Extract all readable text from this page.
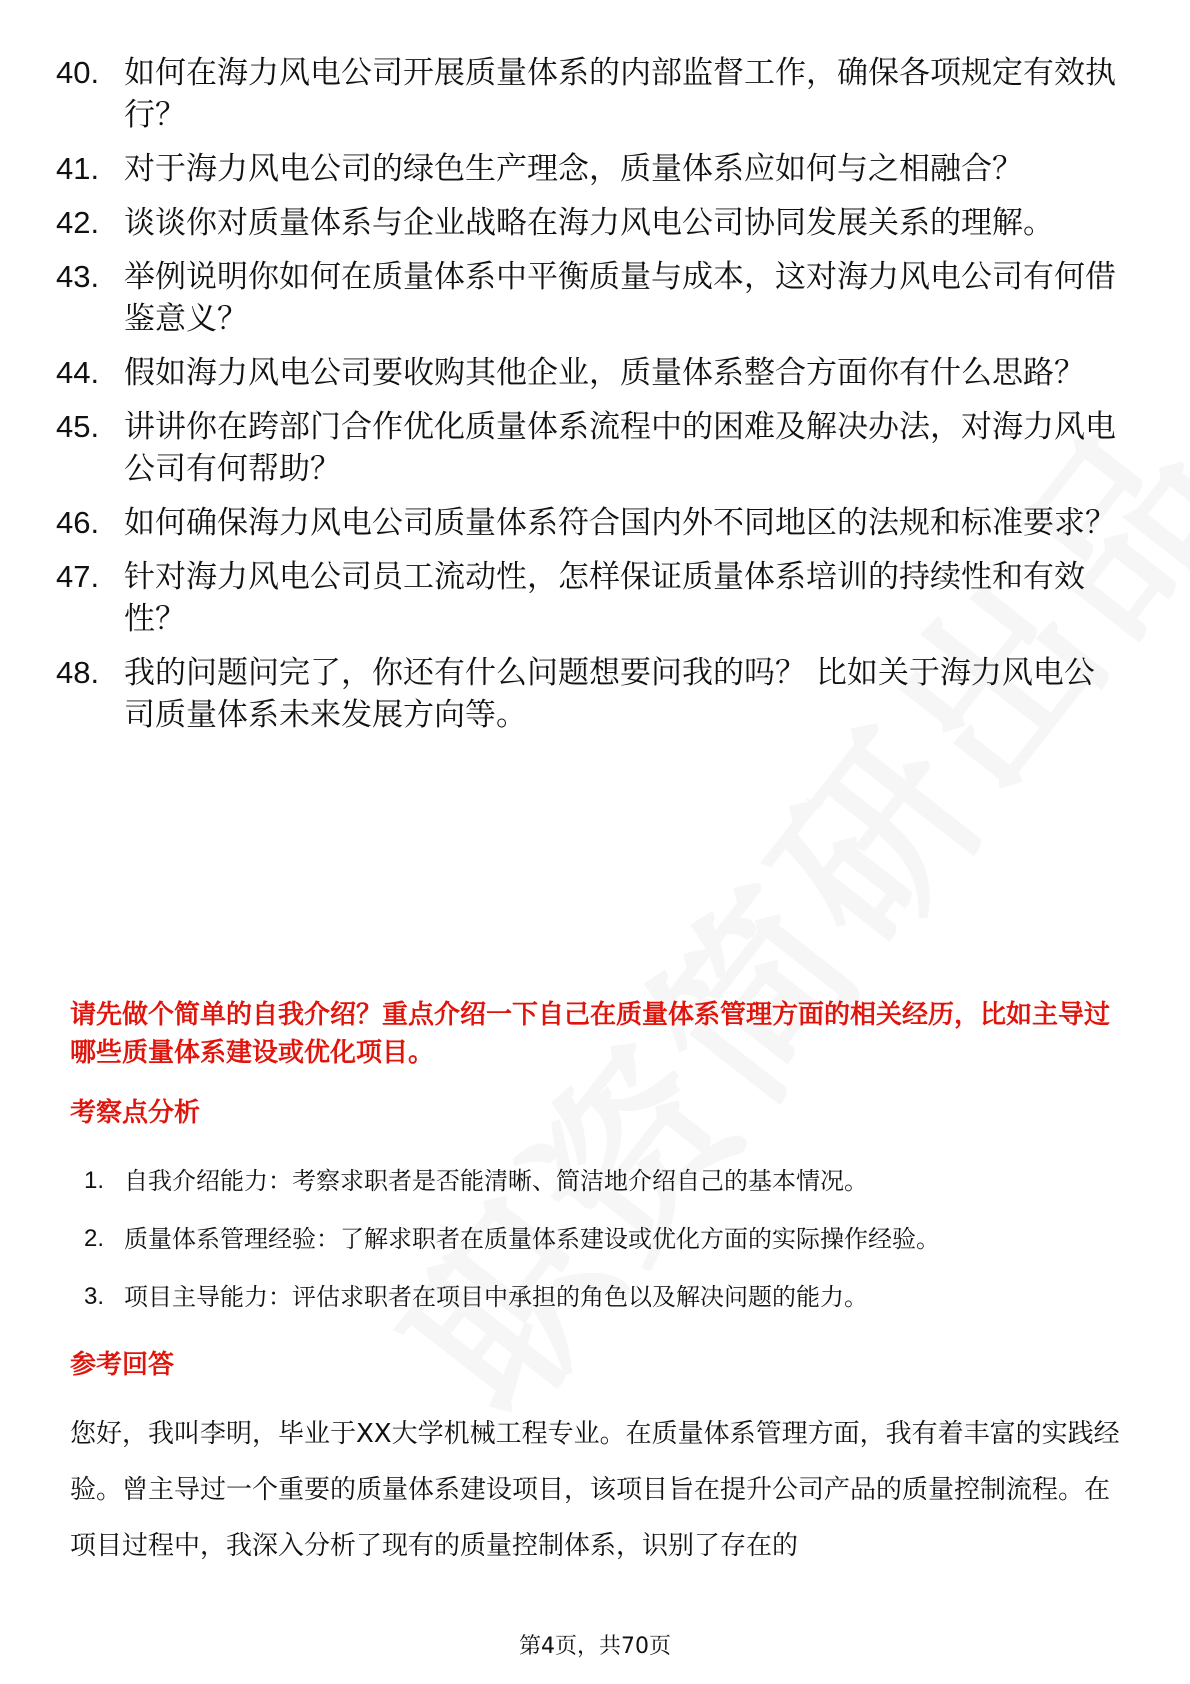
40. 如何在海力风电公司开展质量体系的内部监督工作，确保各项规定有效执行？
41. 对于海力风电公司的绿色生产理念，质量体系应如何与之相融合？
42. 谈谈你对质量体系与企业战略在海力风电公司协同发展关系的理解。
43. 举例说明你如何在质量体系中平衡质量与成本，这对海力风电公司有何借鉴意义？
44. 假如海力风电公司要收购其他企业，质量体系整合方面你有什么思路？
45. 讲讲你在跨部门合作优化质量体系流程中的困难及解决办法，对海力风电公司有何帮助？
46. 如何确保海力风电公司质量体系符合国内外不同地区的法规和标准要求？
47. 针对海力风电公司员工流动性，怎样保证质量体系培训的持续性和有效性？
48. 我的问题问完了，你还有什么问题想要问我的吗？ 比如关于海力风电公司质量体系未来发展方向等。
请先做个简单的自我介绍？重点介绍一下自己在质量体系管理方面的相关经历，比如主导过哪些质量体系建设或优化项目。
考察点分析
1. 自我介绍能力：考察求职者是否能清晰、简洁地介绍自己的基本情况。
2. 质量体系管理经验：了解求职者在质量体系建设或优化方面的实际操作经验。
3. 项目主导能力：评估求职者在项目中承担的角色以及解决问题的能力。
参考回答
您好，我叫李明，毕业于XX大学机械工程专业。在质量体系管理方面，我有着丰富的实践经验。曾主导过一个重要的质量体系建设项目，该项目旨在提升公司产品的质量控制流程。在项目过程中，我深入分析了现有的质量控制体系，识别了存在的
第4页，共70页
